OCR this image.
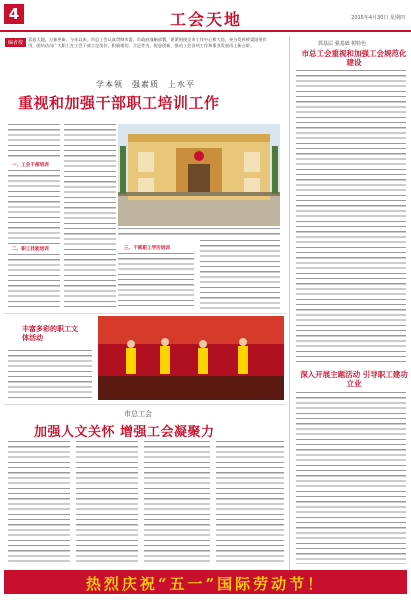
4	工会天地	2015年4月30日 星期四
编者按
喜迎大地，万象更新。今年以来，市总工会认真贯彻市委、市政府战略部署，紧紧围绕全市工作中心和大局，充分发挥桥梁纽带作用，团结动员广大职工在工会干部立足岗位、积极建功。立足作为，锐意创新，推动工会各项工作和事业发展再上新台阶。
学本领　强素质　上水平
重视和加强干部职工培训工作
一、工会干部培训
二、职工技能培训	三、干部职工学历培训
丰富多彩的职工文体活动
市总工会
加强人文关怀 增强工会凝聚力
抓基层 强基础 树特色
市总工会重视和加强工会规范化建设
深入开展主题活动 引导职工建功立业
热烈庆祝“五一”国际劳动节！
